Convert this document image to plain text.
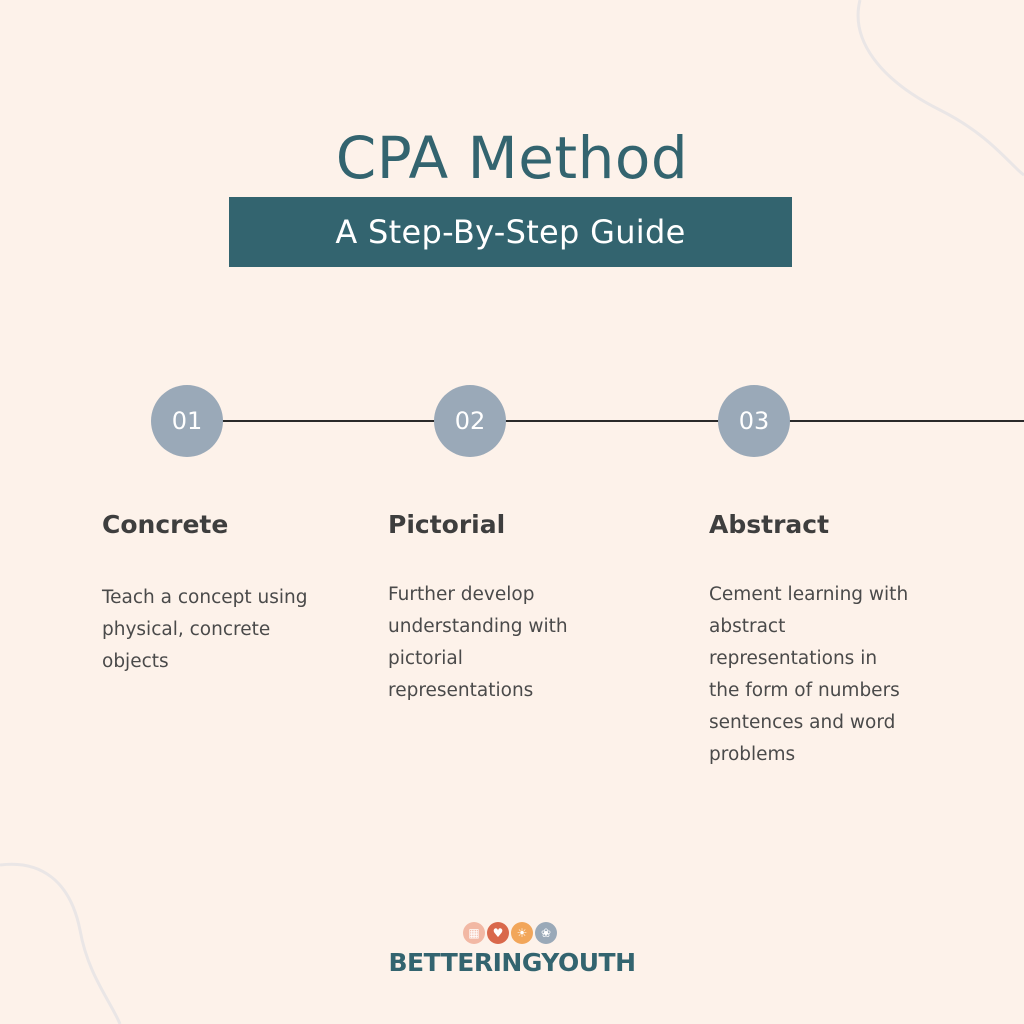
CPA Method
A Step-By-Step Guide
01
Concrete
Teach a concept using
physical, concrete
objects
02
Pictorial
Further develop
understanding with
pictorial
representations
03
Abstract
Cement learning with
abstract
representations in
the form of numbers
sentences and word
problems
▦	♥	☀	❀
BETTERINGYOUTH
